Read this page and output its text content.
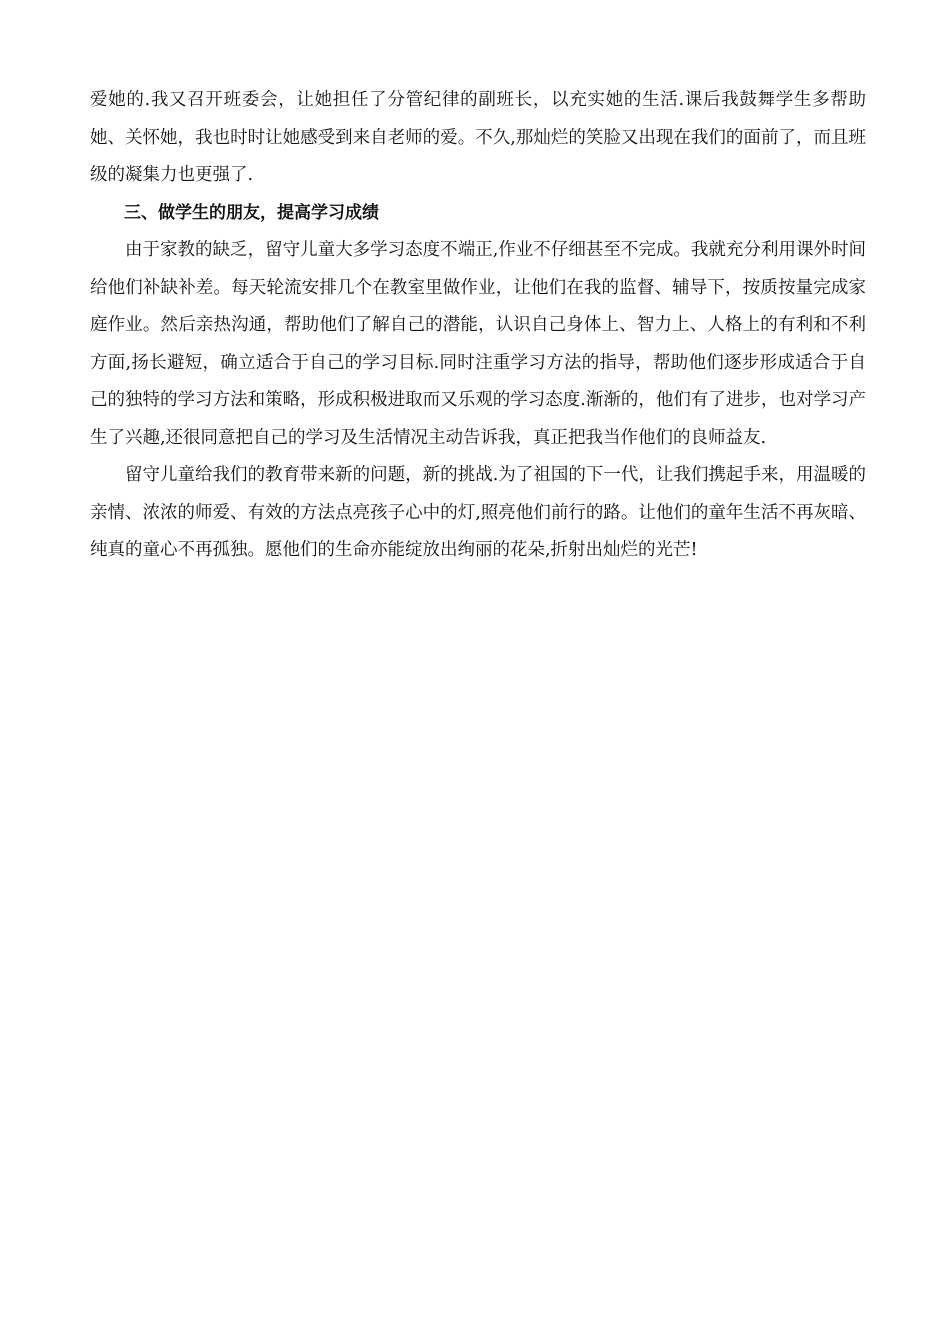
爱她的.我又召开班委会，让她担任了分管纪律的副班长，以充实她的生活.课后我鼓舞学生多帮助她、关怀她，我也时时让她感受到来自老师的爱。不久,那灿烂的笑脸又出现在我们的面前了，而且班级的凝集力也更强了.

三、做学生的朋友，提高学习成绩

由于家教的缺乏，留守儿童大多学习态度不端正,作业不仔细甚至不完成。我就充分利用课外时间给他们补缺补差。每天轮流安排几个在教室里做作业，让他们在我的监督、辅导下，按质按量完成家庭作业。然后亲热沟通，帮助他们了解自己的潜能，认识自己身体上、智力上、人格上的有利和不利方面,扬长避短，确立适合于自己的学习目标.同时注重学习方法的指导，帮助他们逐步形成适合于自己的独特的学习方法和策略，形成积极进取而又乐观的学习态度.渐渐的，他们有了进步，也对学习产生了兴趣,还很同意把自己的学习及生活情况主动告诉我，真正把我当作他们的良师益友.

留守儿童给我们的教育带来新的问题，新的挑战.为了祖国的下一代，让我们携起手来，用温暖的亲情、浓浓的师爱、有效的方法点亮孩子心中的灯,照亮他们前行的路。让他们的童年生活不再灰暗、纯真的童心不再孤独。愿他们的生命亦能绽放出绚丽的花朵,折射出灿烂的光芒!
